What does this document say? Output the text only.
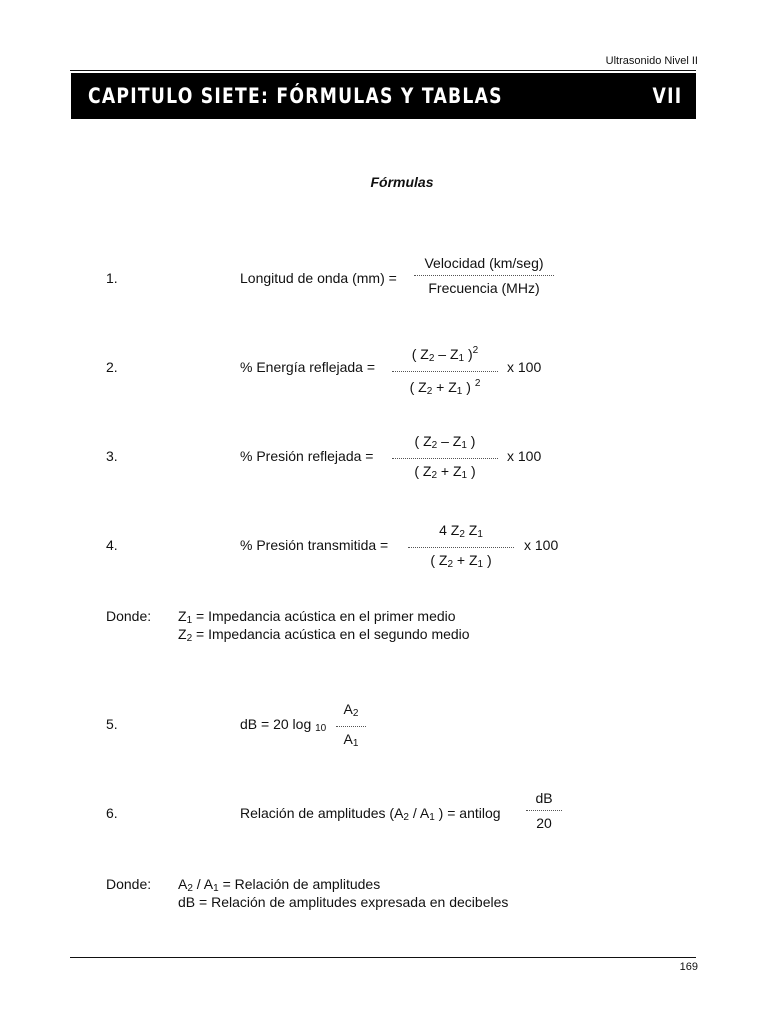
Ultrasonido Nivel II
CAPITULO SIETE: FÓRMULAS Y TABLAS	VII
Fórmulas
1.	Longitud de onda (mm) =
Velocidad (km/seg)
Frecuencia (MHz)
2.	% Energía reflejada =
( $Z_2 - Z_1$ )$^2$
( $Z_2 + Z_1$ ) $^2$
x 100
3.	% Presión reflejada =
( $Z_2 - Z_1$ )
( $Z_2 + Z_1$ )
x 100
4.	% Presión transmitida =
4 $Z_2$ $Z_1$
( $Z_2 + Z_1$ )
x 100
Donde: $Z_1$ = Impedancia acústica en el primer medio
$Z_2$ = Impedancia acústica en el segundo medio
5.	dB = 20 log $_{10}$
$A_2$
$A_1$
6.	Relación de amplitudes ($A_2 / A_1$ ) = antilog
dB
20
Donde: $A_2 / A_1$ = Relación de amplitudes
dB = Relación de amplitudes expresada en decibeles
169
